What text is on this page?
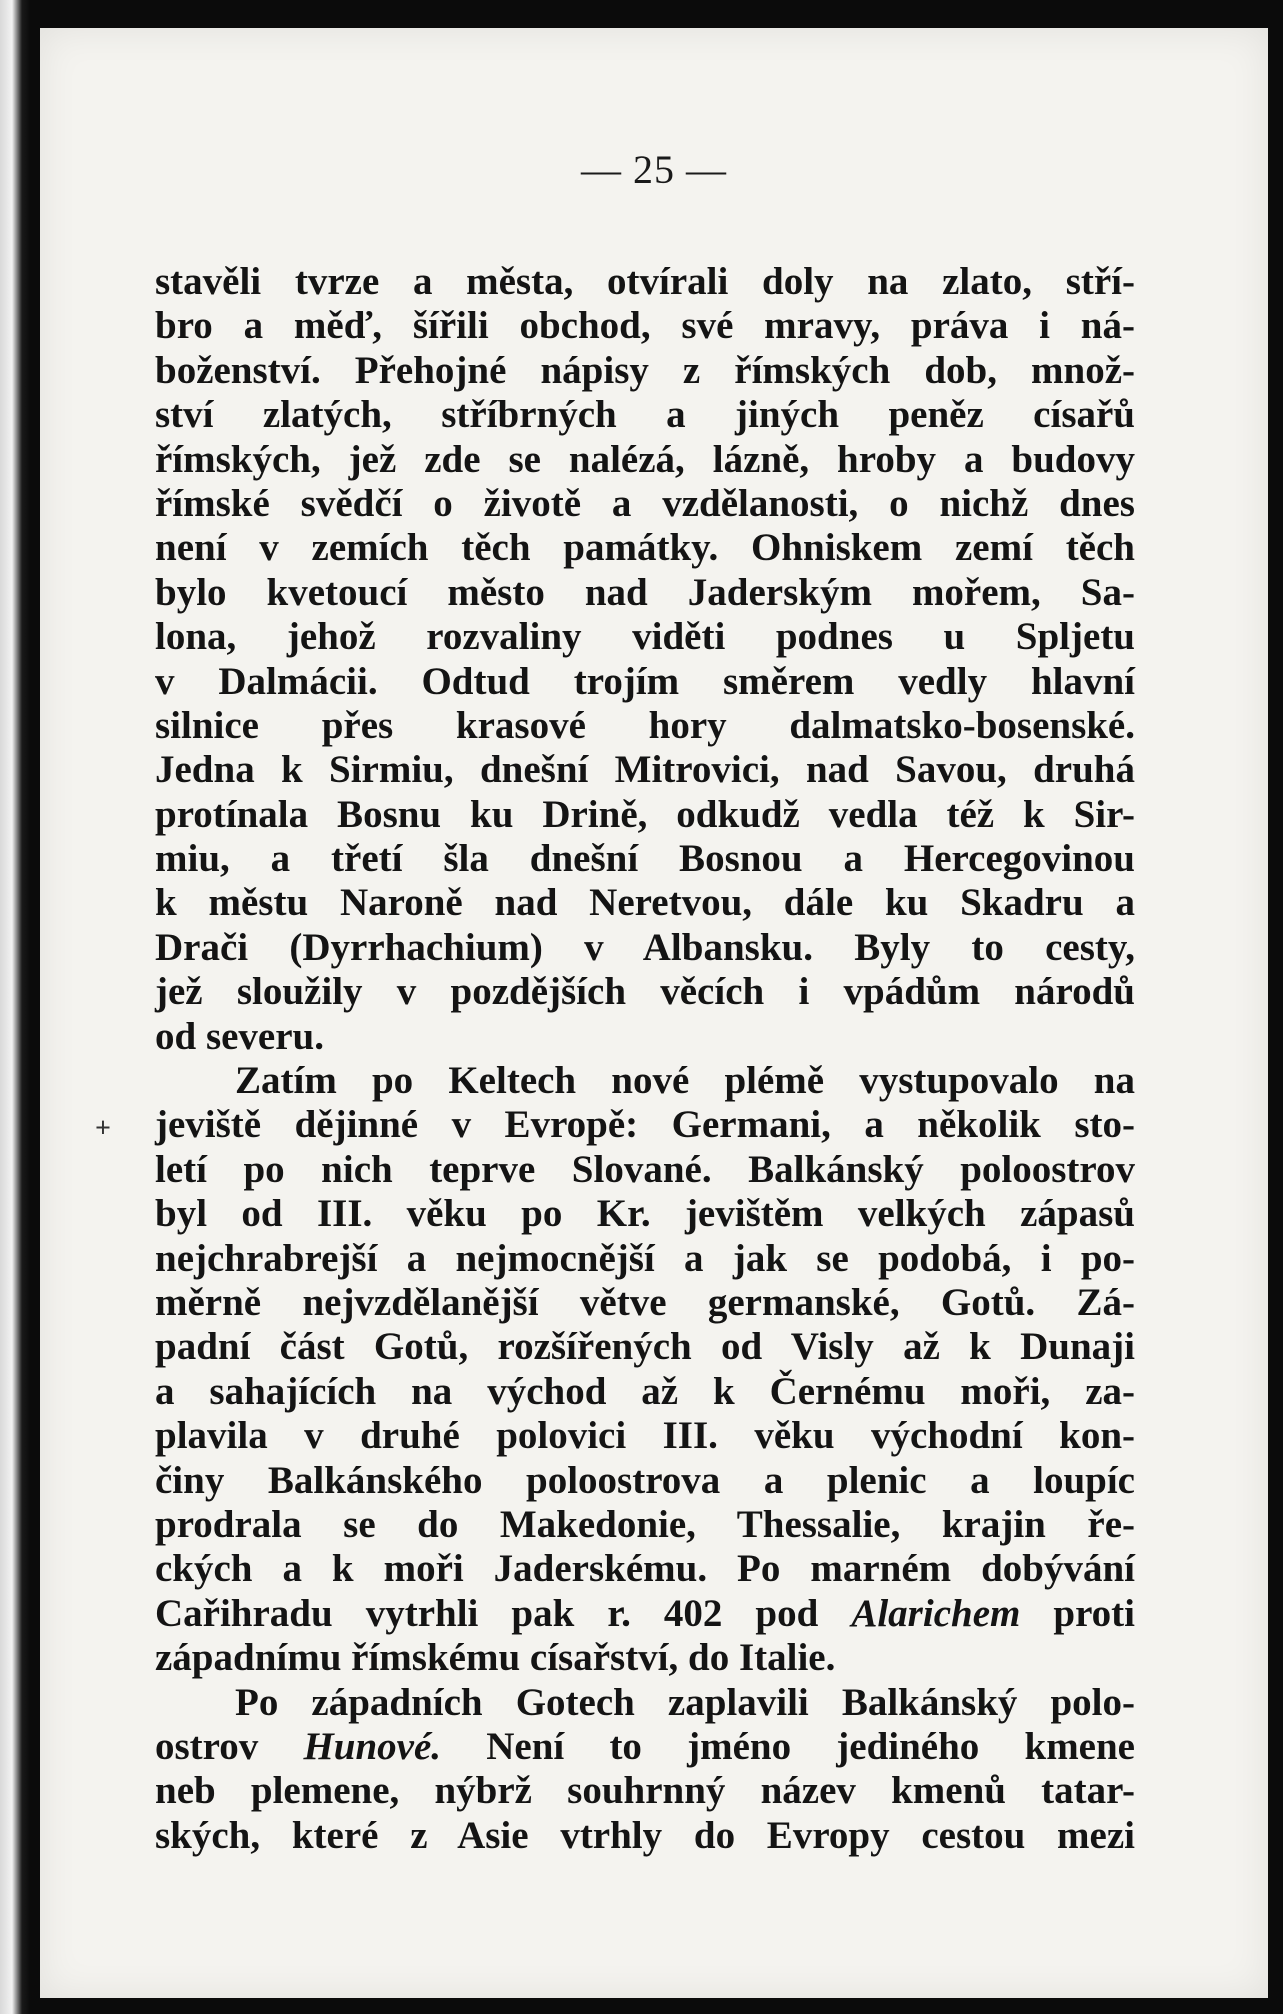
— 25 —
stavěli tvrze a města, otvírali doly na zlato, stří-
bro a měď, šířili obchod, své mravy, práva i ná-
boženství. Přehojné nápisy z římských dob, množ-
ství zlatých, stříbrných a jiných peněz císařů
římských, jež zde se nalézá, lázně, hroby a budovy
římské svědčí o životě a vzdělanosti, o nichž dnes
není v zemích těch památky. Ohniskem zemí těch
bylo kvetoucí město nad Jaderským mořem, Sa-
lona, jehož rozvaliny viděti podnes u Spljetu
v Dalmácii. Odtud trojím směrem vedly hlavní
silnice přes krasové hory dalmatsko-bosenské.
Jedna k Sirmiu, dnešní Mitrovici, nad Savou, druhá
protínala Bosnu ku Drině, odkudž vedla též k Sir-
miu, a třetí šla dnešní Bosnou a Hercegovinou
k městu Naroně nad Neretvou, dále ku Skadru a
Drači (Dyrrhachium) v Albansku. Byly to cesty,
jež sloužily v pozdějších věcích i vpádům národů
od severu.
Zatím po Keltech nové plémě vystupovalo na
jeviště dějinné v Evropě: Germani, a několik sto-
letí po nich teprve Slované. Balkánský poloostrov
byl od III. věku po Kr. jevištěm velkých zápasů
nejchrabrejší a nejmocnější a jak se podobá, i po-
měrně nejvzdělanější větve germanské, Gotů. Zá-
padní část Gotů, rozšířených od Visly až k Dunaji
a sahajících na východ až k Černému moři, za-
plavila v druhé polovici III. věku východní kon-
činy Balkánského poloostrova a plenic a loupíc
prodrala se do Makedonie, Thessalie, krajin ře-
ckých a k moři Jaderskému. Po marném dobývání
Cařihradu vytrhli pak r. 402 pod Alarichem proti
západnímu římskému císařství, do Italie.
Po západních Gotech zaplavili Balkánský polo-
ostrov Hunové. Není to jméno jediného kmene
neb plemene, nýbrž souhrnný název kmenů tatar-
ských, které z Asie vtrhly do Evropy cestou mezi
+
